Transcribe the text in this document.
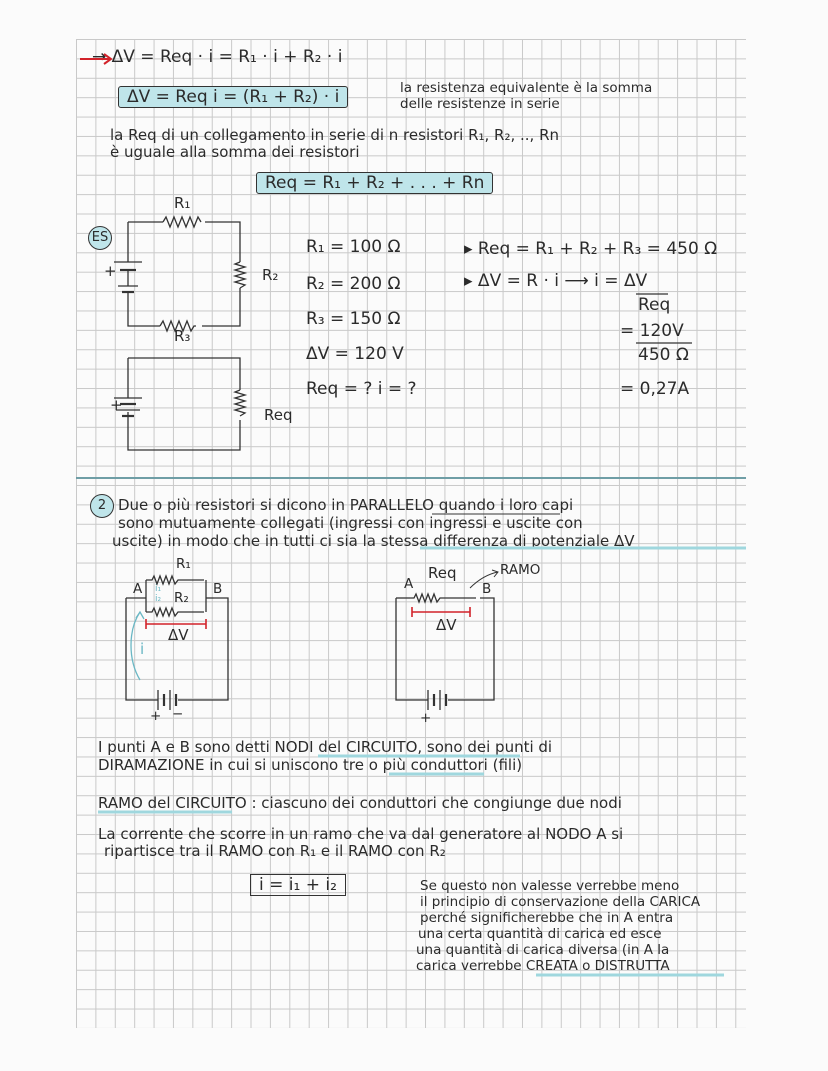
→ ΔV = Req · i = R₁ · i + R₂ · i
ΔV = Req i = (R₁ + R₂) · i	la resistenza equivalente è la somma
delle resistenze in serie
la Req di un collegamento in serie di n resistori R₁, R₂, .., Rn
è uguale alla somma dei resistori
Req = R₁ + R₂ + . . . + Rn
ES
R₁
R₂
R₃
+
+
Req
R₁ = 100 Ω
R₂ = 200 Ω
R₃ = 150 Ω
ΔV = 120 V
Req = ? i = ?
▸ Req = R₁ + R₂ + R₃ = 450 Ω
▸ ΔV = R · i ⟶ i = ΔV
Req
= 120V
450 Ω
= 0,27A
2 Due o più resistori si dicono in PARALLELO quando i loro capi
sono mutuamente collegati (ingressi con ingressi e uscite con
uscite) in modo che in tutti ci sia la stessa differenza di potenziale ΔV
R₁
R₂
A	B
i₁
i₂
i
ΔV
+ −
Req	RAMO
A	B
ΔV
+
I punti A e B sono detti NODI del CIRCUITO, sono dei punti di
DIRAMAZIONE in cui si uniscono tre o più conduttori (fili)
RAMO del CIRCUITO : ciascuno dei conduttori che congiunge due nodi
La corrente che scorre in un ramo che va dal generatore al NODO A si
ripartisce tra il RAMO con R₁ e il RAMO con R₂
i = i₁ + i₂	Se questo non valesse verrebbe meno
il principio di conservazione della CARICA
perché significherebbe che in A entra
una certa quantità di carica ed esce
una quantità di carica diversa (in A la
carica verrebbe CREATA o DISTRUTTA
